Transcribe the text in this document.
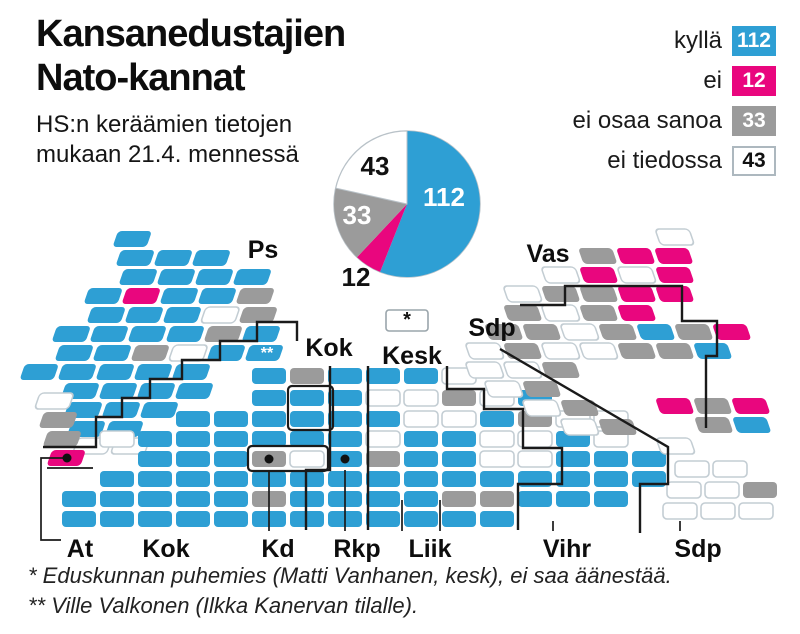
*
**
Ps
Kok Kesk
Sdp
Vas
At Kok	Kd Rkp Liik	Vihr	Sdp
112
12
33
43
Kansanedustajien
Nato-kannat
HS:n keräämien tietojen
mukaan 21.4. mennessä
kyllä 112
ei 12
ei osaa sanoa 33
ei tiedossa 43
* Eduskunnan puhemies (Matti Vanhanen, kesk), ei saa äänestää.
** Ville Valkonen (Ilkka Kanervan tilalle).
